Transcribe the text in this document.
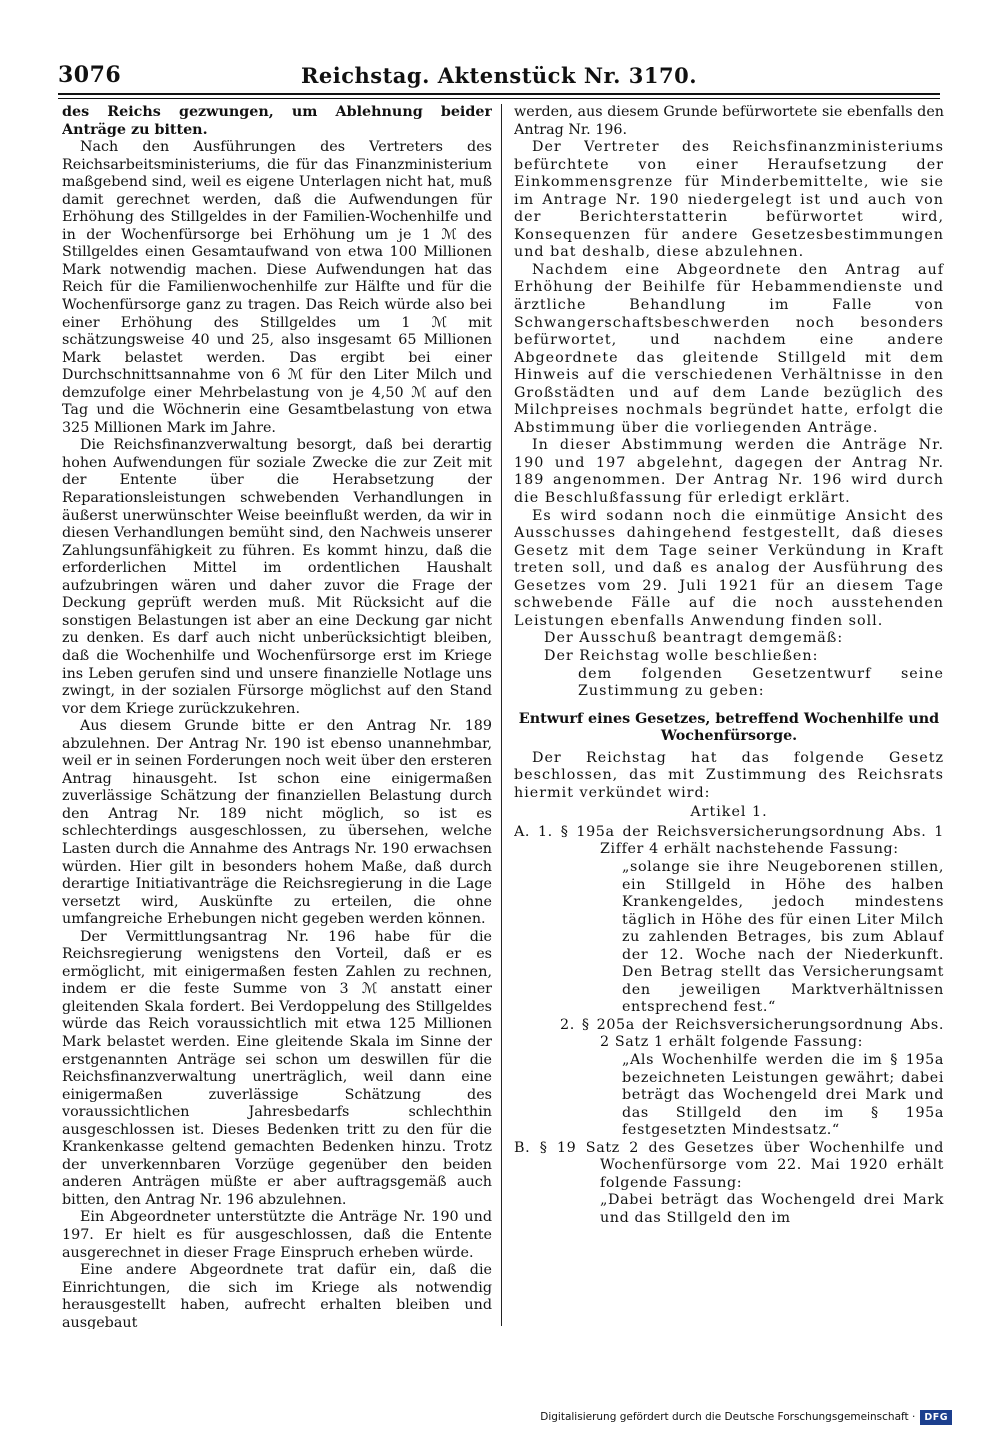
3076	Reichstag. Aktenstück Nr. 3170.

des Reichs gezwungen, um Ablehnung beider Anträge zu bitten.

Nach den Ausführungen des Vertreters des Reichsarbeitsministeriums, die für das Finanzministerium maßgebend sind, weil es eigene Unterlagen nicht hat, muß damit gerechnet werden, daß die Aufwendungen für Erhöhung des Stillgeldes in der Familien-Wochenhilfe und in der Wochenfürsorge bei Erhöhung um je 1 ℳ des Stillgeldes einen Gesamtaufwand von etwa 100 Millionen Mark notwendig machen. Diese Aufwendungen hat das Reich für die Familienwochenhilfe zur Hälfte und für die Wochenfürsorge ganz zu tragen. Das Reich würde also bei einer Erhöhung des Stillgeldes um 1 ℳ mit schätzungsweise 40 und 25, also insgesamt 65 Millionen Mark belastet werden. Das ergibt bei einer Durchschnittsannahme von 6 ℳ für den Liter Milch und demzufolge einer Mehrbelastung von je 4,50 ℳ auf den Tag und die Wöchnerin eine Gesamtbelastung von etwa 325 Millionen Mark im Jahre.

Die Reichsfinanzverwaltung besorgt, daß bei derartig hohen Aufwendungen für soziale Zwecke die zur Zeit mit der Entente über die Herabsetzung der Reparationsleistungen schwebenden Verhandlungen in äußerst unerwünschter Weise beeinflußt werden, da wir in diesen Verhandlungen bemüht sind, den Nachweis unserer Zahlungsunfähigkeit zu führen. Es kommt hinzu, daß die erforderlichen Mittel im ordentlichen Haushalt aufzubringen wären und daher zuvor die Frage der Deckung geprüft werden muß. Mit Rücksicht auf die sonstigen Belastungen ist aber an eine Deckung gar nicht zu denken. Es darf auch nicht unberücksichtigt bleiben, daß die Wochenhilfe und Wochenfürsorge erst im Kriege ins Leben gerufen sind und unsere finanzielle Notlage uns zwingt, in der sozialen Fürsorge möglichst auf den Stand vor dem Kriege zurückzukehren.

Aus diesem Grunde bitte er den Antrag Nr. 189 abzulehnen. Der Antrag Nr. 190 ist ebenso unannehmbar, weil er in seinen Forderungen noch weit über den ersteren Antrag hinausgeht. Ist schon eine einigermaßen zuverlässige Schätzung der finanziellen Belastung durch den Antrag Nr. 189 nicht möglich, so ist es schlechterdings ausgeschlossen, zu übersehen, welche Lasten durch die Annahme des Antrags Nr. 190 erwachsen würden. Hier gilt in besonders hohem Maße, daß durch derartige Initiativanträge die Reichsregierung in die Lage versetzt wird, Auskünfte zu erteilen, die ohne umfangreiche Erhebungen nicht gegeben werden können.

Der Vermittlungsantrag Nr. 196 habe für die Reichsregierung wenigstens den Vorteil, daß er es ermöglicht, mit einigermaßen festen Zahlen zu rechnen, indem er die feste Summe von 3 ℳ anstatt einer gleitenden Skala fordert. Bei Verdoppelung des Stillgeldes würde das Reich voraussichtlich mit etwa 125 Millionen Mark belastet werden. Eine gleitende Skala im Sinne der erstgenannten Anträge sei schon um deswillen für die Reichsfinanzverwaltung unerträglich, weil dann eine einigermaßen zuverlässige Schätzung des voraussichtlichen Jahresbedarfs schlechthin ausgeschlossen ist. Dieses Bedenken tritt zu den für die Krankenkasse geltend gemachten Bedenken hinzu. Trotz der unverkennbaren Vorzüge gegenüber den beiden anderen Anträgen müßte er aber auftragsgemäß auch bitten, den Antrag Nr. 196 abzulehnen.

Ein Abgeordneter unterstützte die Anträge Nr. 190 und 197. Er hielt es für ausgeschlossen, daß die Entente ausgerechnet in dieser Frage Einspruch erheben würde.

Eine andere Abgeordnete trat dafür ein, daß die Einrichtungen, die sich im Kriege als notwendig herausgestellt haben, aufrecht erhalten bleiben und ausgebaut

werden, aus diesem Grunde befürwortete sie ebenfalls den Antrag Nr. 196.

Der Vertreter des Reichsfinanzministeriums befürchtete von einer Heraufsetzung der Einkommensgrenze für Minderbemittelte, wie sie im Antrage Nr. 190 niedergelegt ist und auch von der Berichterstatterin befürwortet wird, Konsequenzen für andere Gesetzesbestimmungen und bat deshalb, diese abzulehnen.

Nachdem eine Abgeordnete den Antrag auf Erhöhung der Beihilfe für Hebammendienste und ärztliche Behandlung im Falle von Schwangerschaftsbeschwerden noch besonders befürwortet, und nachdem eine andere Abgeordnete das gleitende Stillgeld mit dem Hinweis auf die verschiedenen Verhältnisse in den Großstädten und auf dem Lande bezüglich des Milchpreises nochmals begründet hatte, erfolgt die Abstimmung über die vorliegenden Anträge.

In dieser Abstimmung werden die Anträge Nr. 190 und 197 abgelehnt, dagegen der Antrag Nr. 189 angenommen. Der Antrag Nr. 196 wird durch die Beschlußfassung für erledigt erklärt.

Es wird sodann noch die einmütige Ansicht des Ausschusses dahingehend festgestellt, daß dieses Gesetz mit dem Tage seiner Verkündung in Kraft treten soll, und daß es analog der Ausführung des Gesetzes vom 29. Juli 1921 für an diesem Tage schwebende Fälle auf die noch ausstehenden Leistungen ebenfalls Anwendung finden soll.

Der Ausschuß beantragt demgemäß:

Der Reichstag wolle beschließen:

dem folgenden Gesetzentwurf seine Zustimmung zu geben:

Entwurf eines Gesetzes, betreffend Wochenhilfe und Wochenfürsorge.

Der Reichstag hat das folgende Gesetz beschlossen, das mit Zustimmung des Reichsrats hiermit verkündet wird:

Artikel 1.

A. 1. § 195a der Reichsversicherungsordnung Abs. 1 Ziffer 4 erhält nachstehende Fassung:

„solange sie ihre Neugeborenen stillen, ein Stillgeld in Höhe des halben Krankengeldes, jedoch mindestens täglich in Höhe des für einen Liter Milch zu zahlenden Betrages, bis zum Ablauf der 12. Woche nach der Niederkunft. Den Betrag stellt das Versicherungsamt den jeweiligen Marktverhältnissen entsprechend fest.“

2. § 205a der Reichsversicherungsordnung Abs. 2 Satz 1 erhält folgende Fassung:

„Als Wochenhilfe werden die im § 195a bezeichneten Leistungen gewährt; dabei beträgt das Wochengeld drei Mark und das Stillgeld den im § 195a festgesetzten Mindestsatz.“

B. § 19 Satz 2 des Gesetzes über Wochenhilfe und Wochenfürsorge vom 22. Mai 1920 erhält folgende Fassung:

„Dabei beträgt das Wochengeld drei Mark und das Stillgeld den im

Digitalisierung gefördert durch die Deutsche Forschungsgemeinschaft · DFG
